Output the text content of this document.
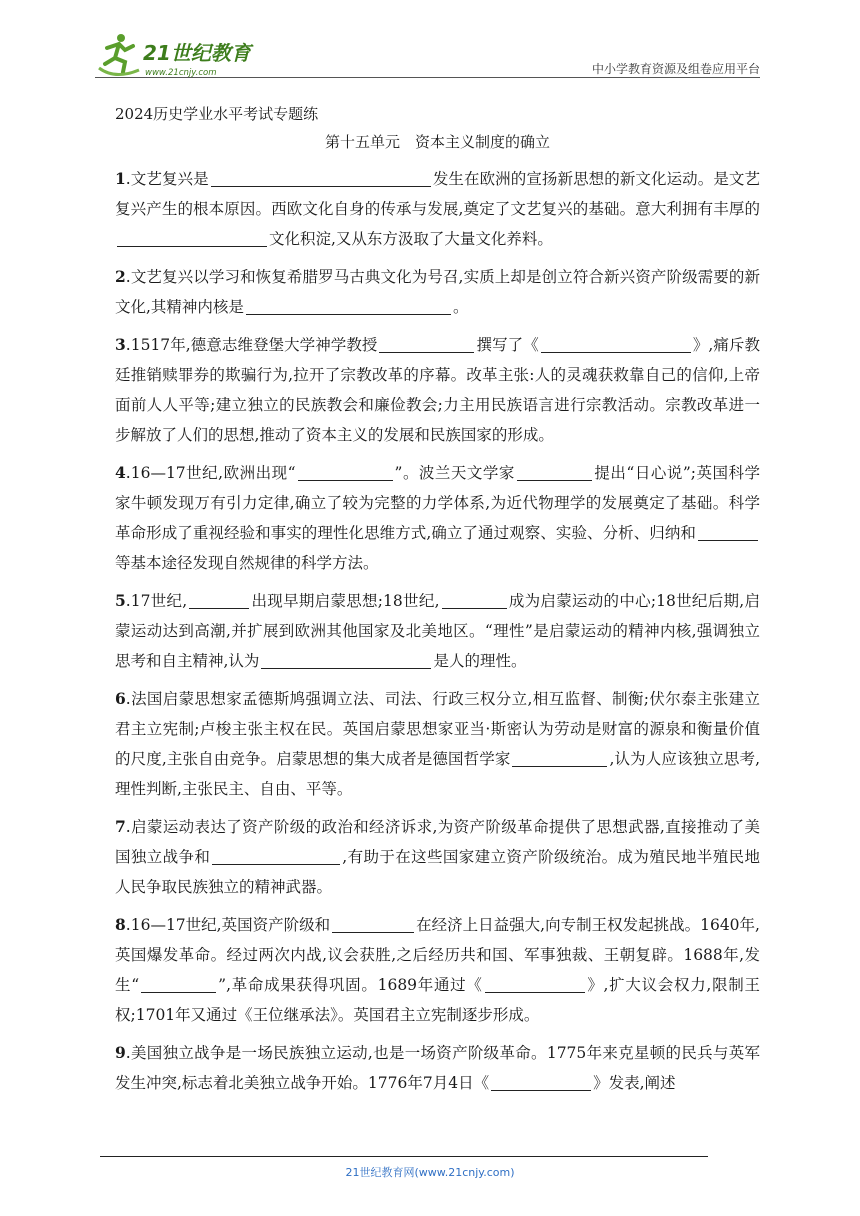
21世纪教育
www.21cnjy.com	中小学教育资源及组卷应用平台
2024历史学业水平考试专题练
第十五单元　资本主义制度的确立

1.文艺复兴是	发生在欧洲的宣扬新思想的新文化运动。是文艺复兴产生的根本原因。西欧文化自身的传承与发展,奠定了文艺复兴的基础。意大利拥有丰厚的文化积淀,又从东方汲取了大量文化养料。

2.文艺复兴以学习和恢复希腊罗马古典文化为号召,实质上却是创立符合新兴资产阶级需要的新文化,其精神内核是	。

3.1517年,德意志维登堡大学神学教授	撰写了《	》,痛斥教廷推销赎罪券的欺骗行为,拉开了宗教改革的序幕。改革主张:人的灵魂获救靠自己的信仰,上帝面前人人平等;建立独立的民族教会和廉俭教会;力主用民族语言进行宗教活动。宗教改革进一步解放了人们的思想,推动了资本主义的发展和民族国家的形成。

4.16—17世纪,欧洲出现“	”。波兰天文学家	提出“日心说”;英国科学家牛顿发现万有引力定律,确立了较为完整的力学体系,为近代物理学的发展奠定了基础。科学革命形成了重视经验和事实的理性化思维方式,确立了通过观察、实验、分析、归纳和等基本途径发现自然规律的科学方法。

5.17世纪,	出现早期启蒙思想;18世纪,	成为启蒙运动的中心;18世纪后期,启蒙运动达到高潮,并扩展到欧洲其他国家及北美地区。“理性”是启蒙运动的精神内核,强调独立思考和自主精神,认为	是人的理性。

6.法国启蒙思想家孟德斯鸠强调立法、司法、行政三权分立,相互监督、制衡;伏尔泰主张建立君主立宪制;卢梭主张主权在民。英国启蒙思想家亚当·斯密认为劳动是财富的源泉和衡量价值的尺度,主张自由竞争。启蒙思想的集大成者是德国哲学家	,认为人应该独立思考,理性判断,主张民主、自由、平等。

7.启蒙运动表达了资产阶级的政治和经济诉求,为资产阶级革命提供了思想武器,直接推动了美国独立战争和	,有助于在这些国家建立资产阶级统治。成为殖民地半殖民地人民争取民族独立的精神武器。

8.16—17世纪,英国资产阶级和	在经济上日益强大,向专制王权发起挑战。1640年,英国爆发革命。经过两次内战,议会获胜,之后经历共和国、军事独裁、王朝复辟。1688年,发生“	”,革命成果获得巩固。1689年通过《	》,扩大议会权力,限制王权;1701年又通过《王位继承法》。英国君主立宪制逐步形成。

9.美国独立战争是一场民族独立运动,也是一场资产阶级革命。1775年来克星顿的民兵与英军发生冲突,标志着北美独立战争开始。1776年7月4日《	》发表,阐述

21世纪教育网(www.21cnjy.com)
